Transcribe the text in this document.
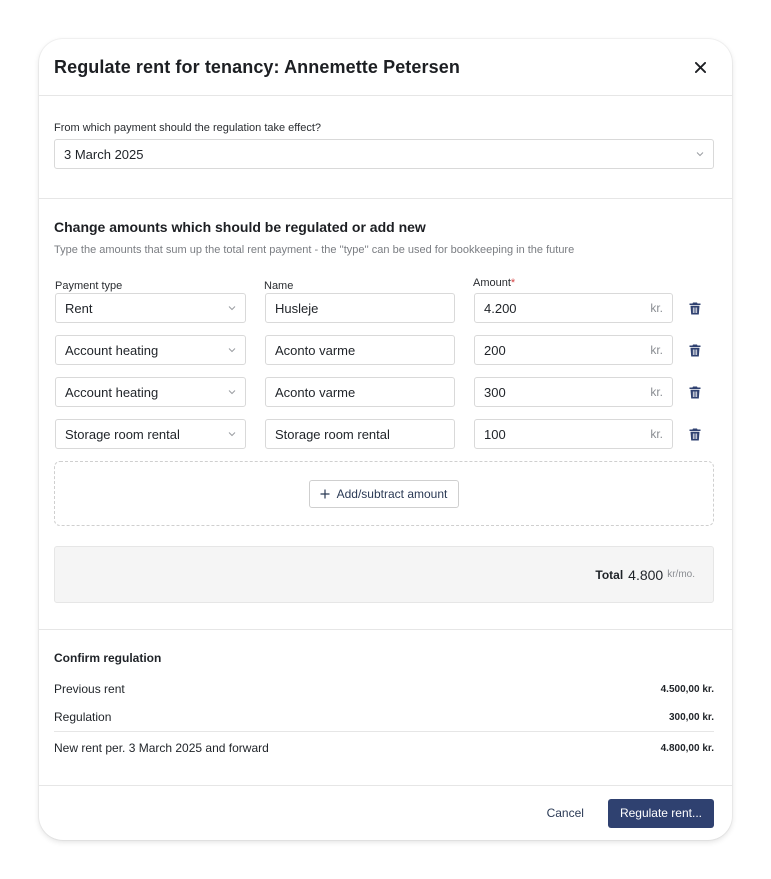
Regulate rent for tenancy: Annemette Petersen
From which payment should the regulation take effect?
3 March 2025
Change amounts which should be regulated or add new
Type the amounts that sum up the total rent payment - the ''type'' can be used for bookkeeping in the future
Payment type	Name	Amount*
Rent	Husleje	4.200	kr.
Account heating	Aconto varme	200	kr.
Account heating	Aconto varme	300	kr.
Storage room rental	Storage room rental	100	kr.
Add/subtract amount
Total 4.800 kr/mo.
Confirm regulation
Previous rent	4.500,00 kr.
Regulation	300,00 kr.
New rent per. 3 March 2025 and forward	4.800,00 kr.
Cancel	Regulate rent...
